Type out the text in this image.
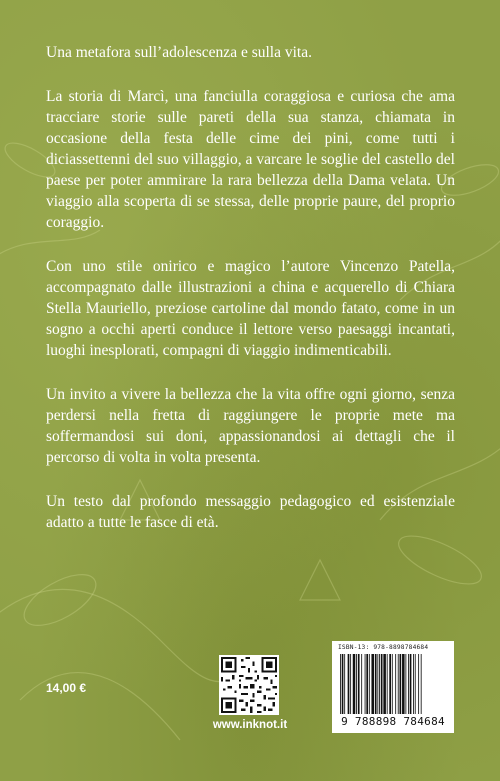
Una metafora sull’adolescenza e sulla vita.

La storia di Marcì, una fanciulla coraggiosa e curiosa che ama tracciare storie sulle pareti della sua stanza, chiamata in occasione della festa delle cime dei pini, come tutti i diciassettenni del suo villaggio, a varcare le soglie del castello del paese per poter ammirare la rara bellezza della Dama velata. Un viaggio alla scoperta di se stessa, delle proprie paure, del proprio coraggio.

Con uno stile onirico e magico l’autore Vincenzo Patella, accompagnato dalle illustrazioni a china e acquerello di Chiara Stella Mauriello, preziose cartoline dal mondo fatato, come in un sogno a occhi aperti conduce il lettore verso paesaggi incantati, luoghi inesplorati, compagni di viaggio indimenticabili.

Un invito a vivere la bellezza che la vita offre ogni giorno, senza perdersi nella fretta di raggiungere le proprie mete ma soffermandosi sui doni, appassionandosi ai dettagli che il percorso di volta in volta presenta.

Un testo dal profondo messaggio pedagogico ed esistenziale adatto a tutte le fasce di età.

14,00 €
www.inknot.it
ISBN-13: 978-8898784684
9 788898 784684
